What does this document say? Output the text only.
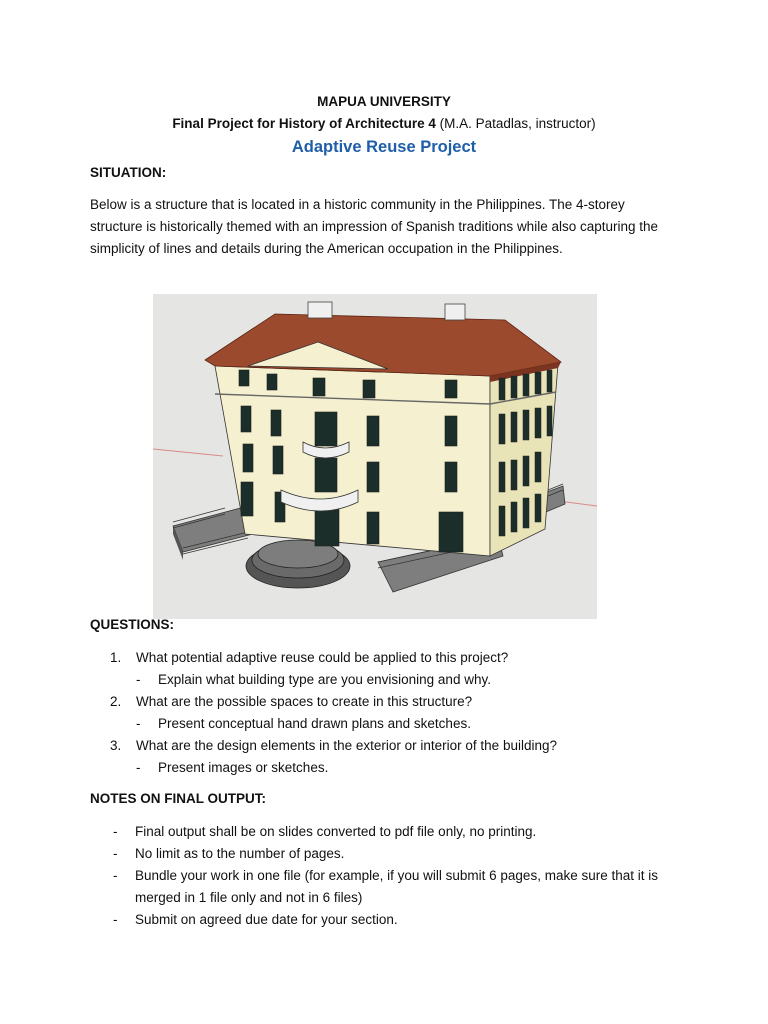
MAPUA UNIVERSITY
Final Project for History of Architecture 4 (M.A. Patadlas, instructor)
Adaptive Reuse Project
SITUATION:
Below is a structure that is located in a historic community in the Philippines. The 4-storey structure is historically themed with an impression of Spanish traditions while also capturing the simplicity of lines and details during the American occupation in the Philippines.
QUESTIONS:
1. What potential adaptive reuse could be applied to this project?
- Explain what building type are you envisioning and why.
2. What are the possible spaces to create in this structure?
- Present conceptual hand drawn plans and sketches.
3. What are the design elements in the exterior or interior of the building?
- Present images or sketches.
NOTES ON FINAL OUTPUT:
- Final output shall be on slides converted to pdf file only, no printing.
- No limit as to the number of pages.
- Bundle your work in one file (for example, if you will submit 6 pages, make sure that it is merged in 1 file only and not in 6 files)
- Submit on agreed due date for your section.
